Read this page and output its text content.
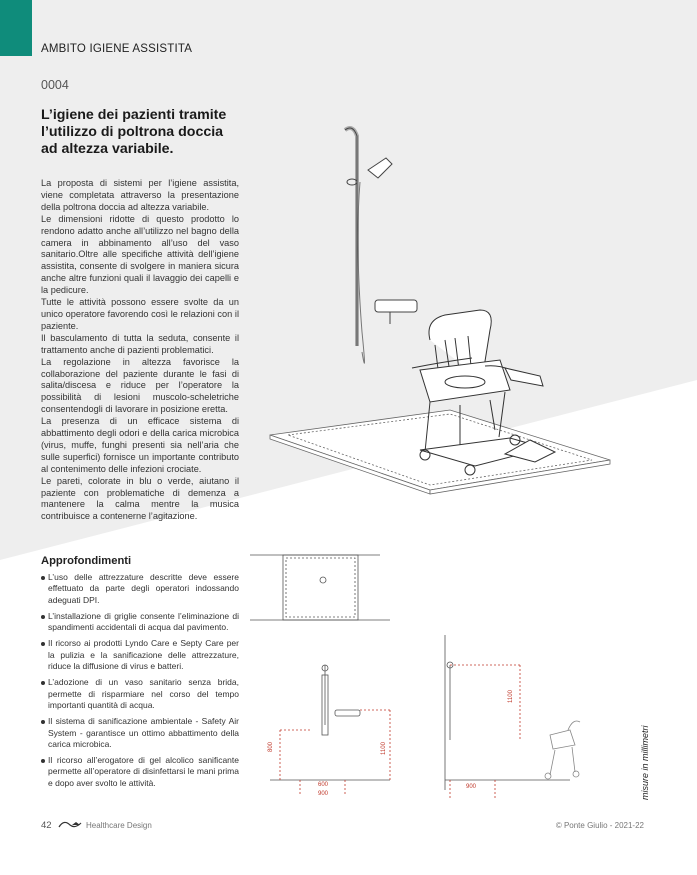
AMBITO IGIENE ASSISTITA
0004
L’igiene dei pazienti tramite
l’utilizzo di poltrona doccia
ad altezza variabile.

La proposta di sistemi per l’igiene assistita, viene completata attraverso la presentazione della poltrona doccia ad altezza variabile.

Le dimensioni ridotte di questo prodotto lo rendono adatto anche all’utilizzo nel bagno della camera in abbinamento all’uso del vaso sanitario.Oltre alle specifiche attività dell’igiene assistita, consente di svolgere in maniera sicura anche altre funzioni quali il lavaggio dei capelli e la pedicure.

Tutte le attività possono essere svolte da un unico operatore favorendo così le relazioni con il paziente.

Il basculamento di tutta la seduta, consente il trattamento anche di pazienti problematici.

La regolazione in altezza favorisce la collaborazione del paziente durante le fasi di salita/discesa e riduce per l’operatore la possibilità di lesioni muscolo-scheletriche consentendogli di lavorare in posizione eretta.

La presenza di un efficace sistema di abbattimento degli odori e della carica microbica (virus, muffe, funghi presenti sia nell’aria che sulle superfici) fornisce un importante contributo al contenimento delle infezioni crociate.

Le pareti, colorate in blu o verde, aiutano il paziente con problematiche di demenza a mantenere la calma mentre la musica contribuisce a contenerne l’agitazione.

Approfondimenti
L’uso delle attrezzature descritte deve essere effettuato da parte degli operatori indossando adeguati DPI.
L’installazione di griglie consente l’eliminazione di spandimenti accidentali di acqua dal pavimento.
Il ricorso ai prodotti Lyndo Care e Septy Care per la pulizia e la sanificazione delle attrezzature, riduce la diffusione di virus e batteri.
L’adozione di un vaso sanitario senza brida, permette di risparmiare nel corso del tempo importanti quantità di acqua.
Il sistema di sanificazione ambientale - Safety Air System - garantisce un ottimo abbattimento della carica microbica.
Il ricorso all’erogatore di gel alcolico sanificante permette all’operatore di disinfettarsi le mani prima e dopo aver svolto le attività.
800	1100
600
900
1100
900	misure in millimetri
42	Healthcare Design	© Ponte Giulio - 2021-22
